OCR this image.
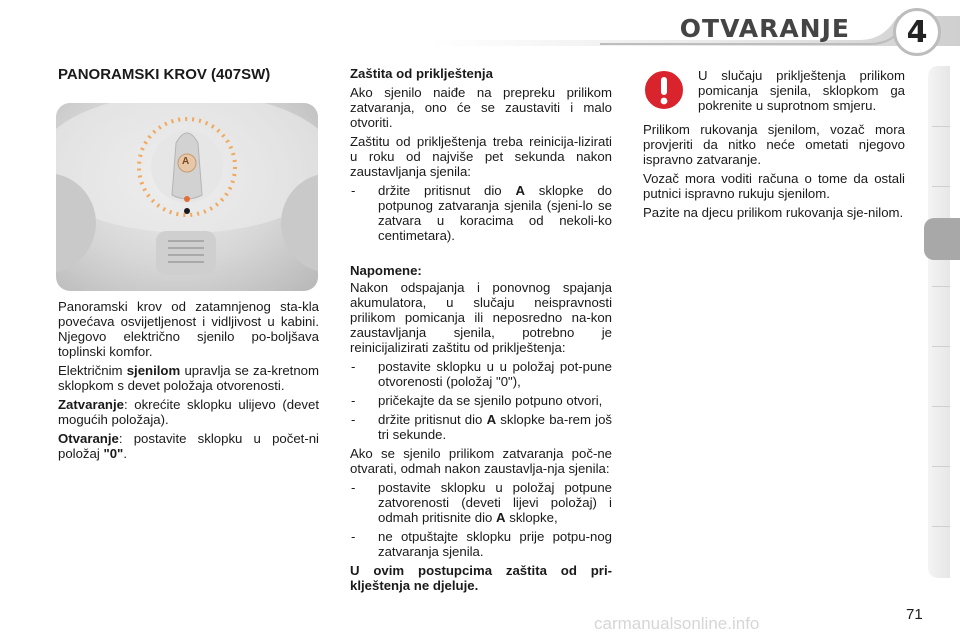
OTVARANJE	4
PANORAMSKI KROV (407SW)
A

Panoramski krov od zatamnjenog sta-kla povećava osvijetljenost i vidljivost u kabini. Njegovo električno sjenilo po-boljšava toplinski komfor.

Električnim sjenilom upravlja se za-kretnom sklopkom s devet položaja otvorenosti.

Zatvaranje: okrećite sklopku ulijevo (devet mogućih položaja).

Otvaranje: postavite sklopku u počet-ni položaj "0".

Zaštita od priklještenja

Ako sjenilo naiđe na prepreku prilikom zatvaranja, ono će se zaustaviti i malo otvoriti.

Zaštitu od priklještenja treba reinicija-lizirati u roku od najviše pet sekunda nakon zaustavljanja sjenila:

- držite pritisnut dio A sklopke do potpunog zatvaranja sjenila (sjeni-lo se zatvara u koracima od nekoli-ko centimetara).

Napomene:

Nakon odspajanja i ponovnog spajanja akumulatora, u slučaju neispravnosti prilikom pomicanja ili neposredno na-kon zaustavljanja sjenila, potrebno je reinicijalizirati zaštitu od priklještenja:

- postavite sklopku u u položaj pot-pune otvorenosti (položaj "0"),
- pričekajte da se sjenilo potpuno otvori,
- držite pritisnut dio A sklopke ba-rem još tri sekunde.

Ako se sjenilo prilikom zatvaranja poč-ne otvarati, odmah nakon zaustavlja-nja sjenila:

- postavite sklopku u položaj potpune zatvorenosti (deveti lijevi položaj) i odmah pritisnite dio A sklopke,
- ne otpuštajte sklopku prije potpu-nog zatvaranja sjenila.

U ovim postupcima zaštita od pri-klještenja ne djeluje.

U slučaju priklještenja prilikom pomicanja sjenila, sklopkom ga pokrenite u suprotnom smjeru.

Prilikom rukovanja sjenilom, vozač mora provjeriti da nitko neće ometati njegovo ispravno zatvaranje.

Vozač mora voditi računa o tome da ostali putnici ispravno rukuju sjenilom.

Pazite na djecu prilikom rukovanja sje-nilom.

carmanualsonline.info	71
